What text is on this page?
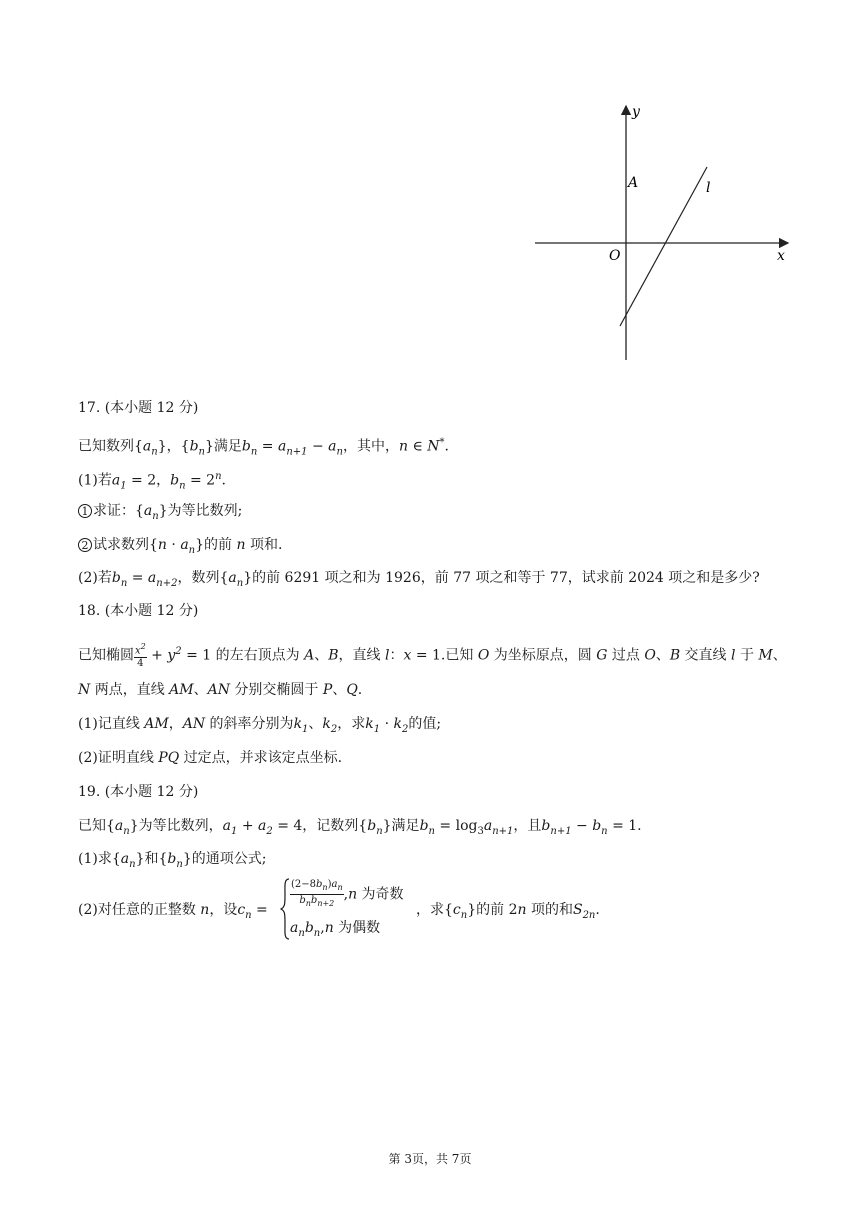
y
x
O
A	l
17. (本小题 12 分)
已知数列$\{a_n\}$，$\{b_n\}$满足$b_n = a_{n+1} - a_n$，其中，n ∈ N*.
(1)若$a_1 = 2$，$b_n = 2^n$.
1 求证：$\{a_n\}$为等比数列;
2 试求数列$\{n \cdot a_n\}$的前 n 项和.
(2)若$b_n = a_{n+2}$，数列$\{a_n\}$的前 6291 项之和为 1926，前 77 项之和等于 77，试求前 2024 项之和是多少?
18. (本小题 12 分)
已知椭圆 $\frac{x^2}{4} + y^2 = 1$ 的左右顶点为 A、B，直线 l：x = 1.已知 O 为坐标原点，圆 G 过点 O、B 交直线 l 于 M、
N 两点，直线 AM、AN 分别交椭圆于 P、Q.
(1)记直线 AM，AN 的斜率分别为$k_1$、$k_2$，求$k_1 \cdot k_2$的值;
(2)证明直线 PQ 过定点，并求该定点坐标.
19. (本小题 12 分)
已知$\{a_n\}$为等比数列，$a_1 + a_2 = 4$，记数列$\{b_n\}$满足$b_n = \log_3a_{n+1}$，且$b_{n+1} - b_n = 1$.
(1)求$\{a_n\}$和$\{b_n\}$的通项公式;
(2)对任意的正整数 n，设$c_n = \frac{(2-8b_n)a_n}{b_nb_{n+2}} ,n$ 为奇数
$a_nb_n,n$ 为偶数
，求$\{c_n\}$的前 2n 项的和$S_{2n}$.
第 3页，共 7页
